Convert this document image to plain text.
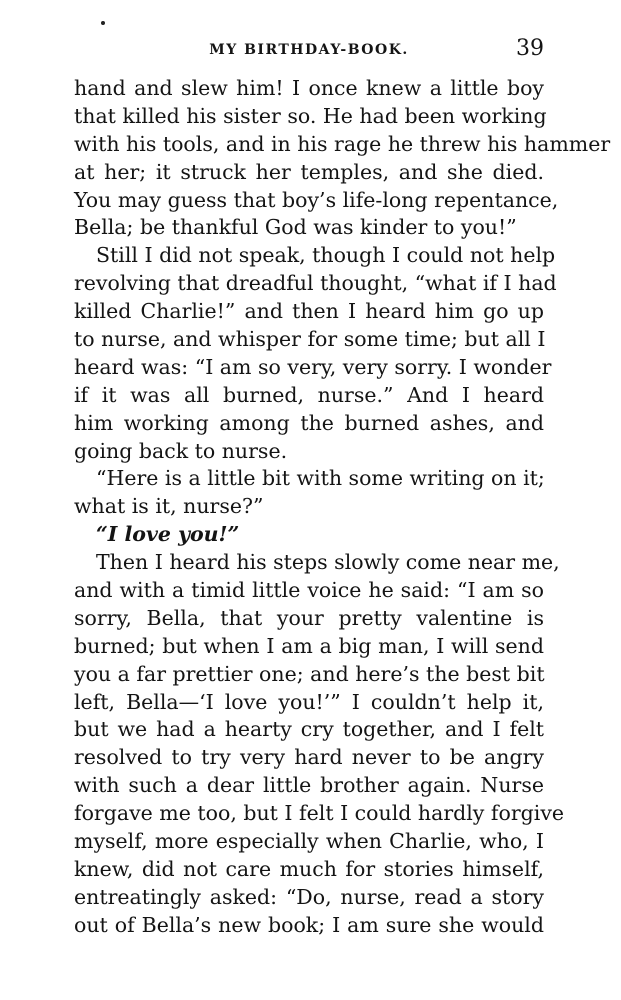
MY BIRTHDAY-BOOK.	39
hand and slew him! I once knew a little boy
that killed his sister so. He had been working
with his tools, and in his rage he threw his hammer
at her; it struck her temples, and she died.
You may guess that boy’s life-long repentance,
Bella; be thankful God was kinder to you!”
Still I did not speak, though I could not help
revolving that dreadful thought, “what if I had
killed Charlie!” and then I heard him go up
to nurse, and whisper for some time; but all I
heard was: “I am so very, very sorry. I wonder
if it was all burned, nurse.” And I heard
him working among the burned ashes, and
going back to nurse.
“Here is a little bit with some writing on it;
what is it, nurse?”
“I love you!”
Then I heard his steps slowly come near me,
and with a timid little voice he said: “I am so
sorry, Bella, that your pretty valentine is
burned; but when I am a big man, I will send
you a far prettier one; and here’s the best bit
left, Bella—‘I love you!’” I couldn’t help it,
but we had a hearty cry together, and I felt
resolved to try very hard never to be angry
with such a dear little brother again. Nurse
forgave me too, but I felt I could hardly forgive
myself, more especially when Charlie, who, I
knew, did not care much for stories himself,
entreatingly asked: “Do, nurse, read a story
out of Bella’s new book; I am sure she would
